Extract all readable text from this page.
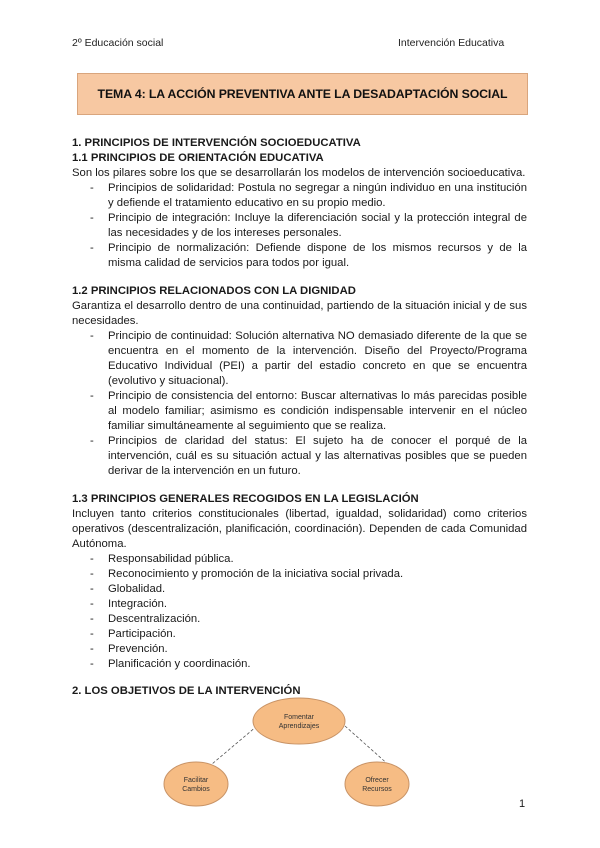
2º Educación social	Intervención Educativa
TEMA 4: LA ACCIÓN PREVENTIVA ANTE LA DESADAPTACIÓN SOCIAL
1. PRINCIPIOS DE INTERVENCIÓN SOCIOEDUCATIVA
1.1 PRINCIPIOS DE ORIENTACIÓN EDUCATIVA
Son los pilares sobre los que se desarrollarán los modelos de intervención socioeducativa.
- Principios de solidaridad: Postula no segregar a ningún individuo en una institución y defiende el tratamiento educativo en su propio medio.
- Principio de integración: Incluye la diferenciación social y la protección integral de las necesidades y de los intereses personales.
- Principio de normalización: Defiende dispone de los mismos recursos y de la misma calidad de servicios para todos por igual.
1.2 PRINCIPIOS RELACIONADOS CON LA DIGNIDAD
Garantiza el desarrollo dentro de una continuidad, partiendo de la situación inicial y de sus necesidades.
- Principio de continuidad: Solución alternativa NO demasiado diferente de la que se encuentra en el momento de la intervención. Diseño del Proyecto/Programa Educativo Individual (PEI) a partir del estadio concreto en que se encuentra (evolutivo y situacional).
- Principio de consistencia del entorno: Buscar alternativas lo más parecidas posible al modelo familiar; asimismo es condición indispensable intervenir en el núcleo familiar simultáneamente al seguimiento que se realiza.
- Principios de claridad del status: El sujeto ha de conocer el porqué de la intervención, cuál es su situación actual y las alternativas posibles que se pueden derivar de la intervención en un futuro.
1.3 PRINCIPIOS GENERALES RECOGIDOS EN LA LEGISLACIÓN
Incluyen tanto criterios constitucionales (libertad, igualdad, solidaridad) como criterios operativos (descentralización, planificación, coordinación). Dependen de cada Comunidad Autónoma.
- Responsabilidad pública.
- Reconocimiento y promoción de la iniciativa social privada.
- Globalidad.
- Integración.
- Descentralización.
- Participación.
- Prevención.
- Planificación y coordinación.
2. LOS OBJETIVOS DE LA INTERVENCIÓN
Fomentar
Aprendizajes
Facilitar
Cambios
Ofrecer
Recursos
1
